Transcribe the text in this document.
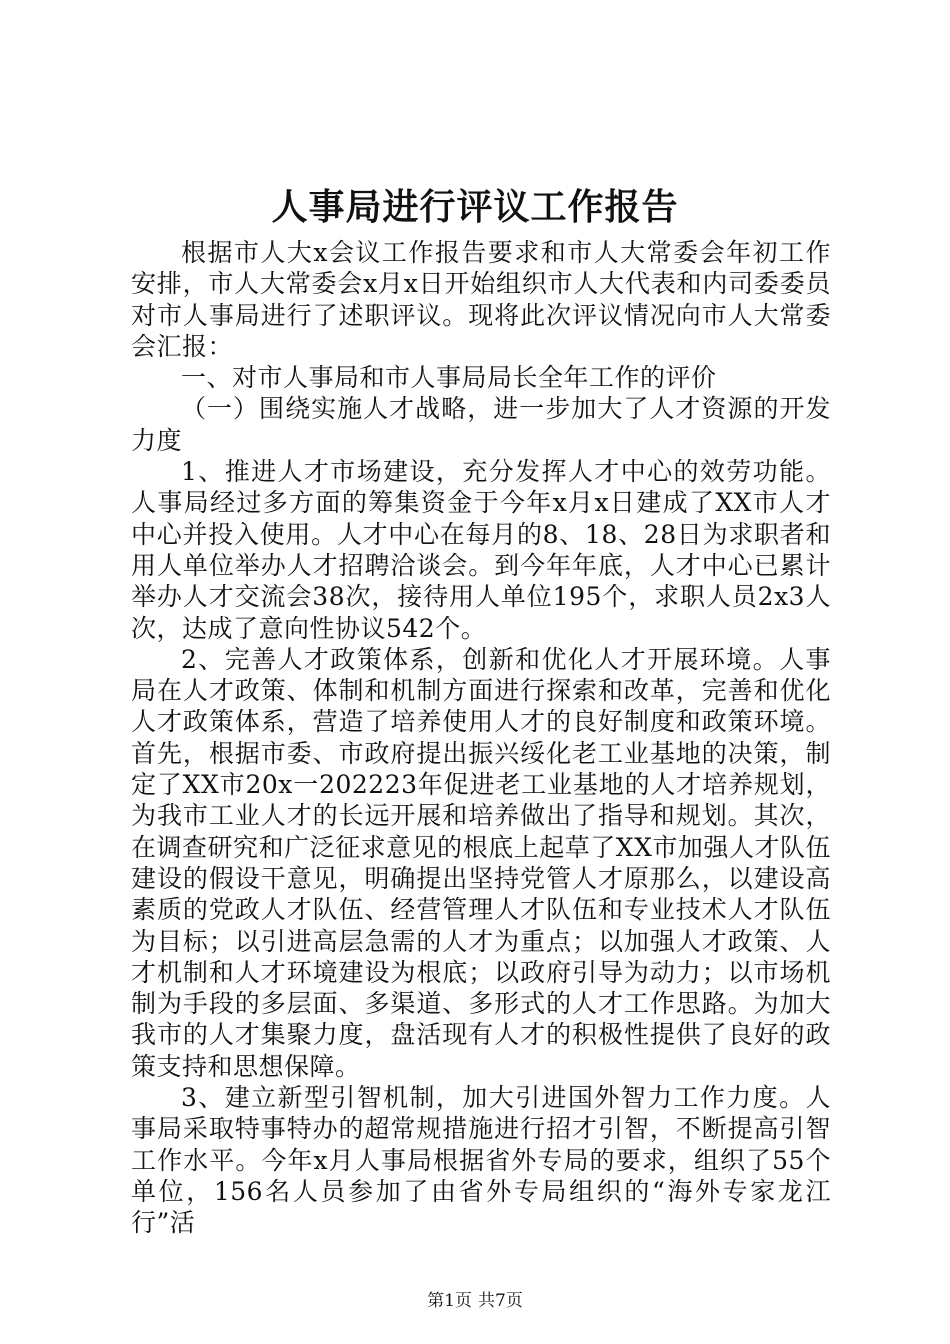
人事局进行评议工作报告

根据市人大x会议工作报告要求和市人大常委会年初工作安排，市人大常委会x月x日开始组织市人大代表和内司委委员对市人事局进行了述职评议。现将此次评议情况向市人大常委会汇报：

一、对市人事局和市人事局局长全年工作的评价

（一）围绕实施人才战略，进一步加大了人才资源的开发力度

1、推进人才市场建设，充分发挥人才中心的效劳功能。人事局经过多方面的筹集资金于今年x月x日建成了XX市人才中心并投入使用。人才中心在每月的8、18、28日为求职者和用人单位举办人才招聘洽谈会。到今年年底，人才中心已累计举办人才交流会38次，接待用人单位195个，求职人员2x3人次，达成了意向性协议542个。

2、完善人才政策体系，创新和优化人才开展环境。人事局在人才政策、体制和机制方面进行探索和改革，完善和优化人才政策体系，营造了培养使用人才的良好制度和政策环境。首先，根据市委、市政府提出振兴绥化老工业基地的决策，制定了XX市20x一202223年促进老工业基地的人才培养规划，为我市工业人才的长远开展和培养做出了指导和规划。其次，在调查研究和广泛征求意见的根底上起草了XX市加强人才队伍建设的假设干意见，明确提出坚持党管人才原那么，以建设高素质的党政人才队伍、经营管理人才队伍和专业技术人才队伍为目标；以引进高层急需的人才为重点；以加强人才政策、人才机制和人才环境建设为根底；以政府引导为动力；以市场机制为手段的多层面、多渠道、多形式的人才工作思路。为加大我市的人才集聚力度，盘活现有人才的积极性提供了良好的政策支持和思想保障。

3、建立新型引智机制，加大引进国外智力工作力度。人事局采取特事特办的超常规措施进行招才引智，不断提高引智工作水平。今年x月人事局根据省外专局的要求，组织了55个单位，156名人员参加了由省外专局组织的“海外专家龙江行”活

第1页 共7页
